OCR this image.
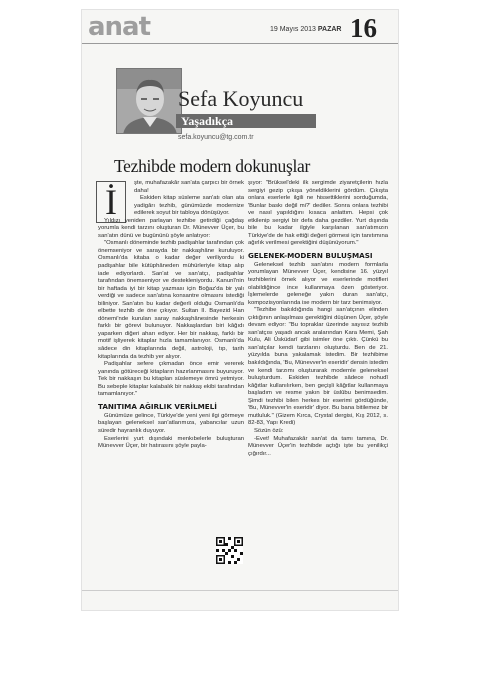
anat	19 Mayıs 2013 PAZAR 16
Sefa Koyuncu
Yaşadıkça
sefa.koyuncu@tg.com.tr
Tezhibde modern dokunuşlar
İ	şte, muhafazakâr san'ata çarpıcı bir örnek daha!

Eskiden kitap süsleme san'atı olan ata yadigârı tezhib, günümüzde modernize edilerek soyut bir tabloya dönüşüyor.

Yıldızı yeniden parlayan tezhibe getirdiği çağdaş yorumla kendi tarzını oluşturan Dr. Münevver Üçer, bu san'atın dünü ve bugününü şöyle anlatıyor:

"Osmanlı döneminde tezhib padişahlar tarafından çok önemseniyor ve sarayda bir nakkaşhâne kuruluyor. Osmanlı'da kitaba o kadar değer veriliyordu ki padişahlar bile kütüphâneden mühürleriyle kitap alıp iade ediyorlardı. San'at ve san'atçı, padişahlar tarafından önemseniyor ve destekleniyordu. Kanunî'nin bir haftada iyi bir kitap yazması için Boğaz'da bir yalı verdiği ve sadece san'atına konsantre olmasını istediği biliniyor. San'atın bu kadar değerli olduğu Osmanlı'da elbette tezhib de öne çıkıyor. Sultan II. Bayezid Han dönemi'nde kurulan saray nakkaşhânesinde herkesin farklı bir görevi bulunuyor. Nakkaşlardan biri kâğıdı yaparken diğeri aharı ediyor. Her bir nakkaş, farklı bir motif işliyerek kitaplar hızla tamamlanıyor. Osmanlı'da sâdece din kitaplarında değil, astroloji, tıp, tarih kitaplarında da tezhib yer alıyor.

Padişahlar sefere çıkmadan önce emir vererek yanında götüreceği kitapların hazırlanmasını buyuruyor. Tek bir nakkaşın bu kitapları süslemeye ömrü yetmiyor. Bu sebeple kitaplar kalabalık bir nakkaş ekibi tarafından tamamlanıyor."

TANITIMA AĞIRLIK VERİLMELİ

Günümüze gelince, Türkiye'de yeni yeni ilgi görmeye başlayan geleneksel san'atlarımıza, yabancılar uzun süredir hayranlık duyuyor.

Eserlerini yurt dışındaki menkıbelerle buluşturan Münevver Üçer, bir hatırasını şöyle payla-

şıyor: "Brüksel'deki ilk sergimde ziyaretçilerin hızla sergiyi gezip çıkışa yöneldiklerini gördüm. Çıkışta onlara eserlerle ilgili ne hissettiklerini sorduğumda, 'Bunlar baskı değil mi?' dediler. Sonra onlara tezhibi ve nasıl yapıldığını kısaca anlattım. Hepsi çok etkilenip sergiyi bir defa daha gezdiler. Yurt dışında bile bu kadar ilgiyle karşılanan san'atımızın Türkiye'de de hak ettiği değeri görmesi için tanıtımına ağırlık verilmesi gerektiğini düşünüyorum."

GELENEK-MODERN BULUŞMASI

Geleneksel tezhib san'atını modern formlarla yorumlayan Münevver Üçer, kendisine 16. yüzyıl tezhiblerini örnek alıyor ve eserlerinde motifleri olabildiğince ince kullanmaya özen gösteriyor. İşlemelerde geleneğe yakın duran san'atçı, kompozisyonlarında ise modern bir tarz benimsiyor.

"Tezhibe bakıldığında hangi san'atçının elinden çıktığının anlaşılması gerektiğini düşünen Üçer, şöyle devam ediyor: "Bu topraklar üzerinde sayısız tezhib san'atçısı yaşadı ancak aralarından Kara Memi, Şah Kulu, Ali Üsküdarî gibi isimler öne çıktı. Çünkü bu san'atçılar kendi tarzlarını oluşturdu. Ben de 21. yüzyılda buna yakalamak istedim. Bir tezhibime bakıldığında, 'Bu, Münevver'in eseridir' densin istedim ve kendi tarzımı oluşturarak modernle geleneksel buluşturdum. Eskiden tezhibde sâdece nohudî kâğıtlar kullanılırken, ben geçişli kâğıtlar kullanmaya başladım ve resme yakın bir üslûbu benimsedim. Şimdi tezhibi bilen herkes bir eserimi gördüğünde, 'Bu, Münevver'in eseridir' diyor. Bu bana bitilemez bir mutluluk." (Gizem Kırca, Crystal dergisi, Kış 2012, s. 82-83, Yapı Kredi)

Sözün özü:

-Evet! Muhafazakâr san'at da tamı tamına, Dr. Münevver Üçer'in tezhibde açtığı işte bu yenilikçi çığırdır...
